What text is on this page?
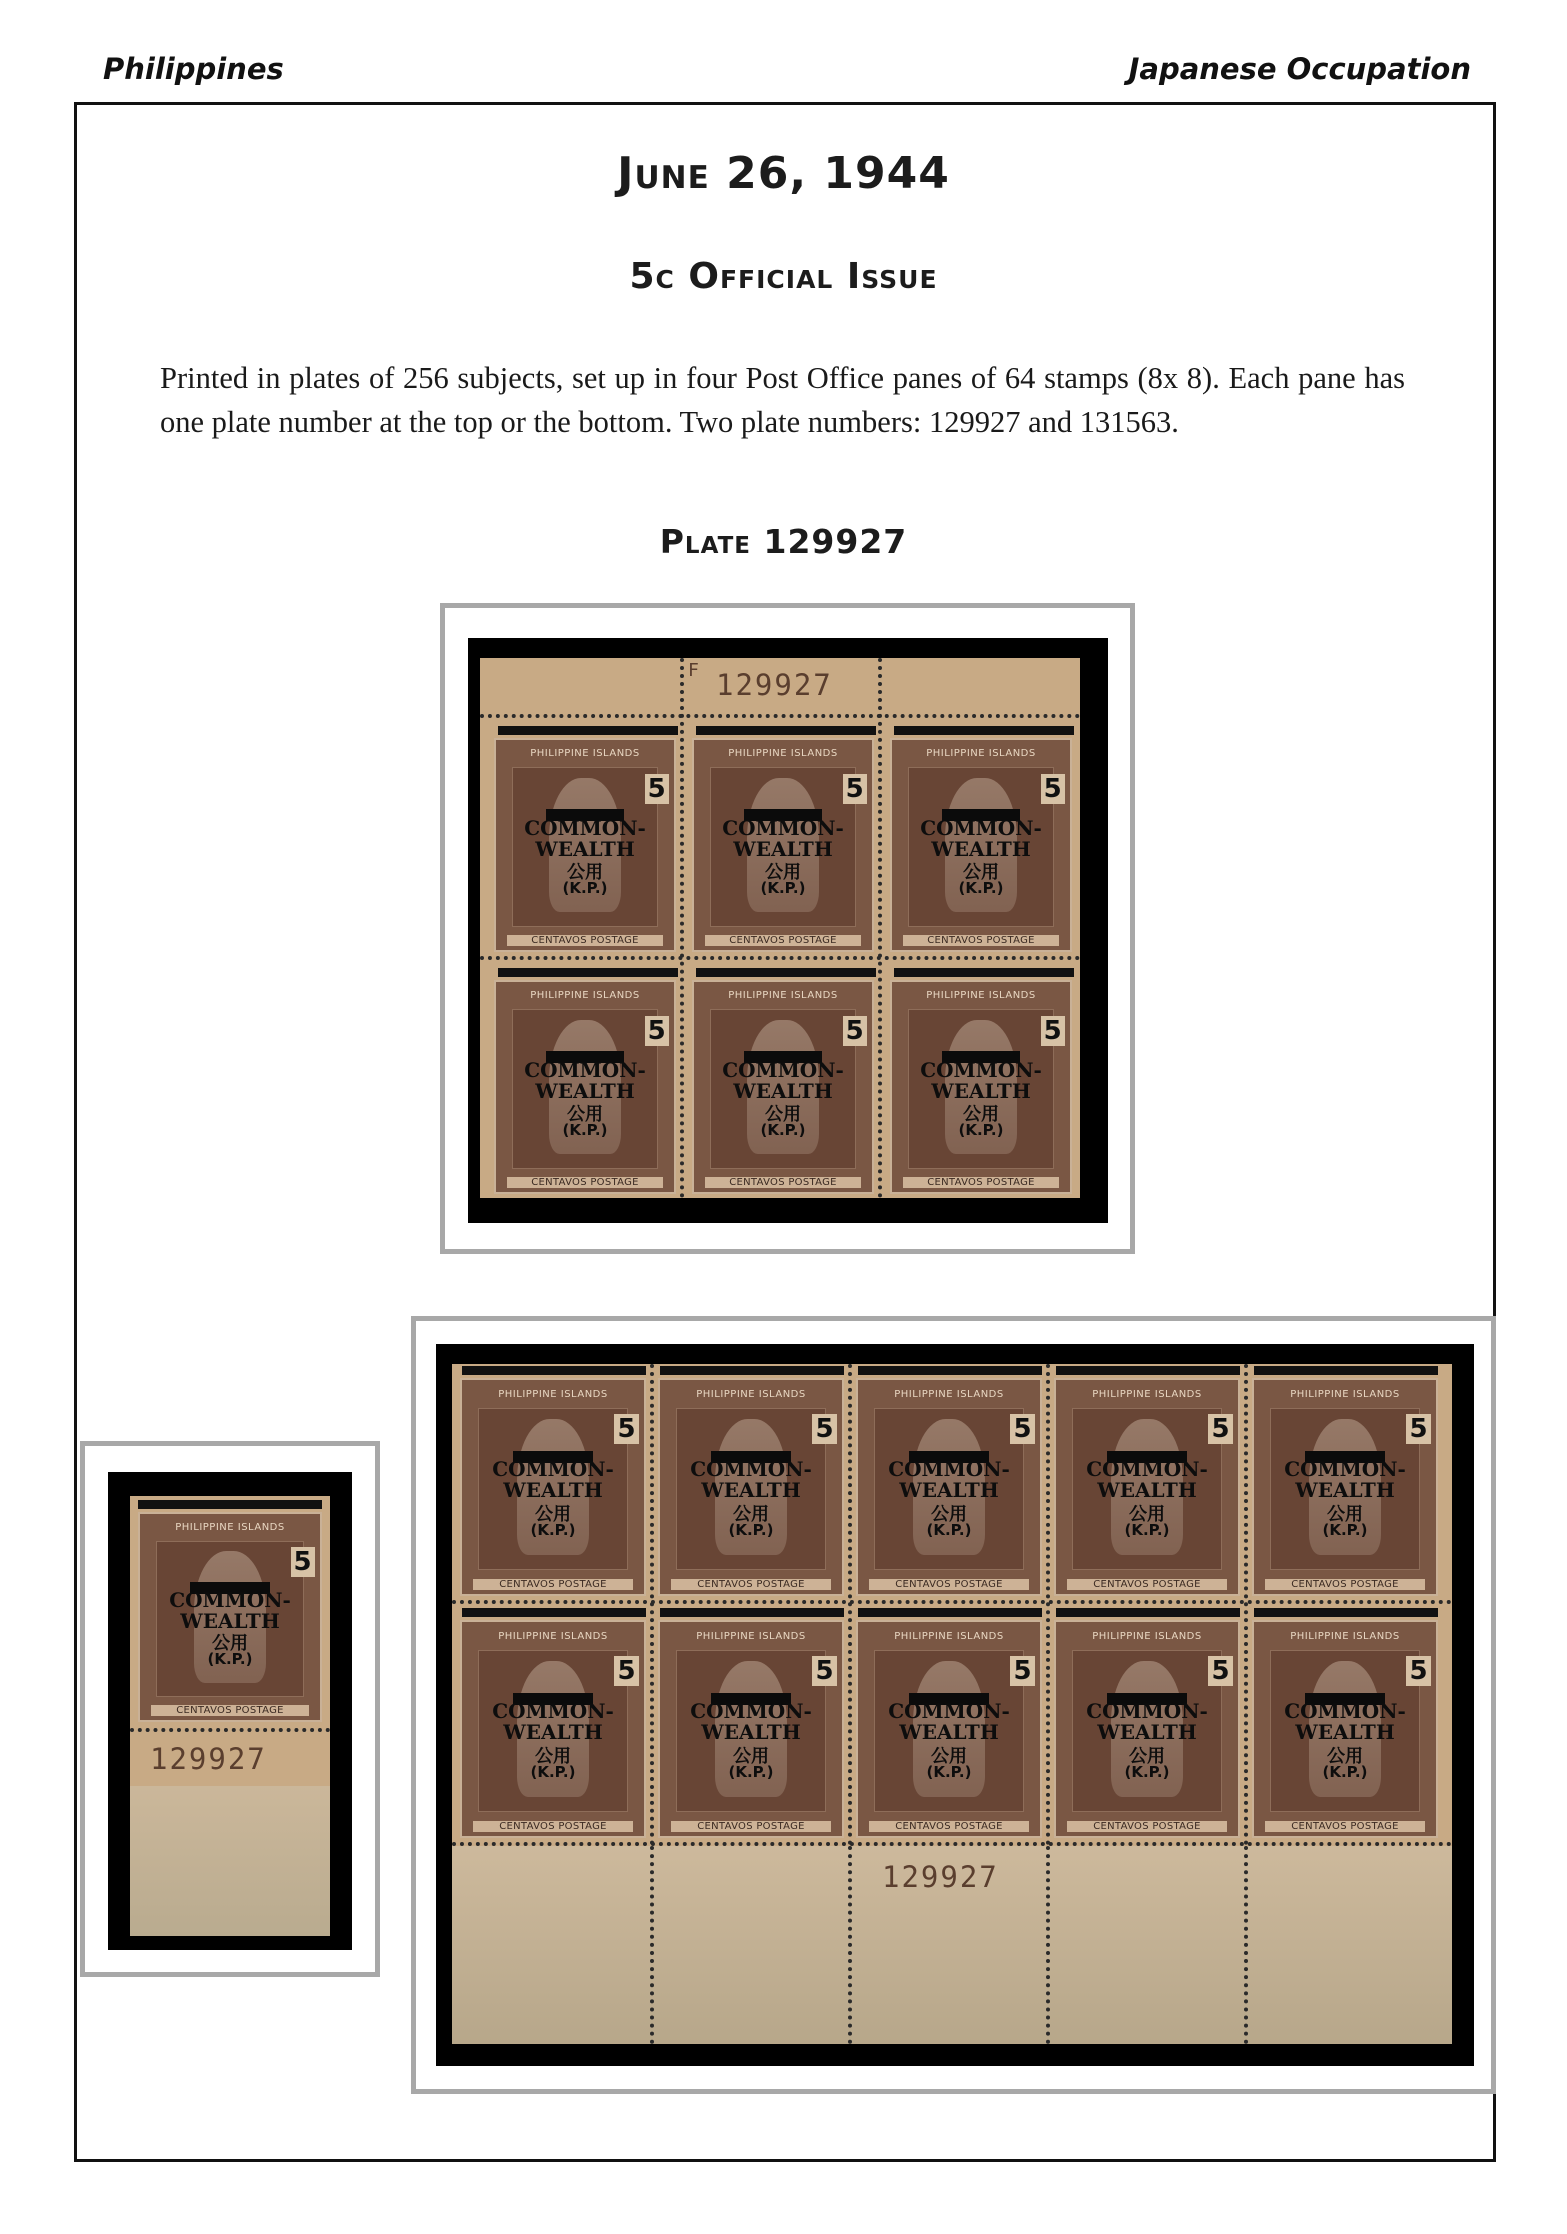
Philippines	Japanese Occupation
June 26, 1944
5c Official Issue
Printed in plates of 256 subjects, set up in four Post Office panes of 64 stamps (8x 8). Each pane has one plate number at the top or the bottom. Two plate numbers: 129927 and 131563.
Plate 129927
129927
F
PHILIPPINE ISLANDS
5
COMMON-
WEALTH
公用
(K.P.)
CENTAVOS POSTAGE
PHILIPPINE ISLANDS
5
COMMON-
WEALTH
公用
(K.P.)
CENTAVOS POSTAGE
PHILIPPINE ISLANDS
5
COMMON-
WEALTH
公用
(K.P.)
CENTAVOS POSTAGE
PHILIPPINE ISLANDS
5
COMMON-
WEALTH
公用
(K.P.)
CENTAVOS POSTAGE
PHILIPPINE ISLANDS
5
COMMON-
WEALTH
公用
(K.P.)
CENTAVOS POSTAGE
PHILIPPINE ISLANDS
5
COMMON-
WEALTH
公用
(K.P.)
CENTAVOS POSTAGE
PHILIPPINE ISLANDS
5
COMMON-
WEALTH
公用
(K.P.)
CENTAVOS POSTAGE
129927
PHILIPPINE ISLANDS
5
COMMON-
WEALTH
公用
(K.P.)
CENTAVOS POSTAGE
PHILIPPINE ISLANDS
5
COMMON-
WEALTH
公用
(K.P.)
CENTAVOS POSTAGE
PHILIPPINE ISLANDS
5
COMMON-
WEALTH
公用
(K.P.)
CENTAVOS POSTAGE
PHILIPPINE ISLANDS
5
COMMON-
WEALTH
公用
(K.P.)
CENTAVOS POSTAGE
PHILIPPINE ISLANDS
5
COMMON-
WEALTH
公用
(K.P.)
CENTAVOS POSTAGE
PHILIPPINE ISLANDS
5
COMMON-
WEALTH
公用
(K.P.)
CENTAVOS POSTAGE
PHILIPPINE ISLANDS
5
COMMON-
WEALTH
公用
(K.P.)
CENTAVOS POSTAGE
PHILIPPINE ISLANDS
5
COMMON-
WEALTH
公用
(K.P.)
CENTAVOS POSTAGE
PHILIPPINE ISLANDS
5
COMMON-
WEALTH
公用
(K.P.)
CENTAVOS POSTAGE
PHILIPPINE ISLANDS
5
COMMON-
WEALTH
公用
(K.P.)
CENTAVOS POSTAGE
129927
